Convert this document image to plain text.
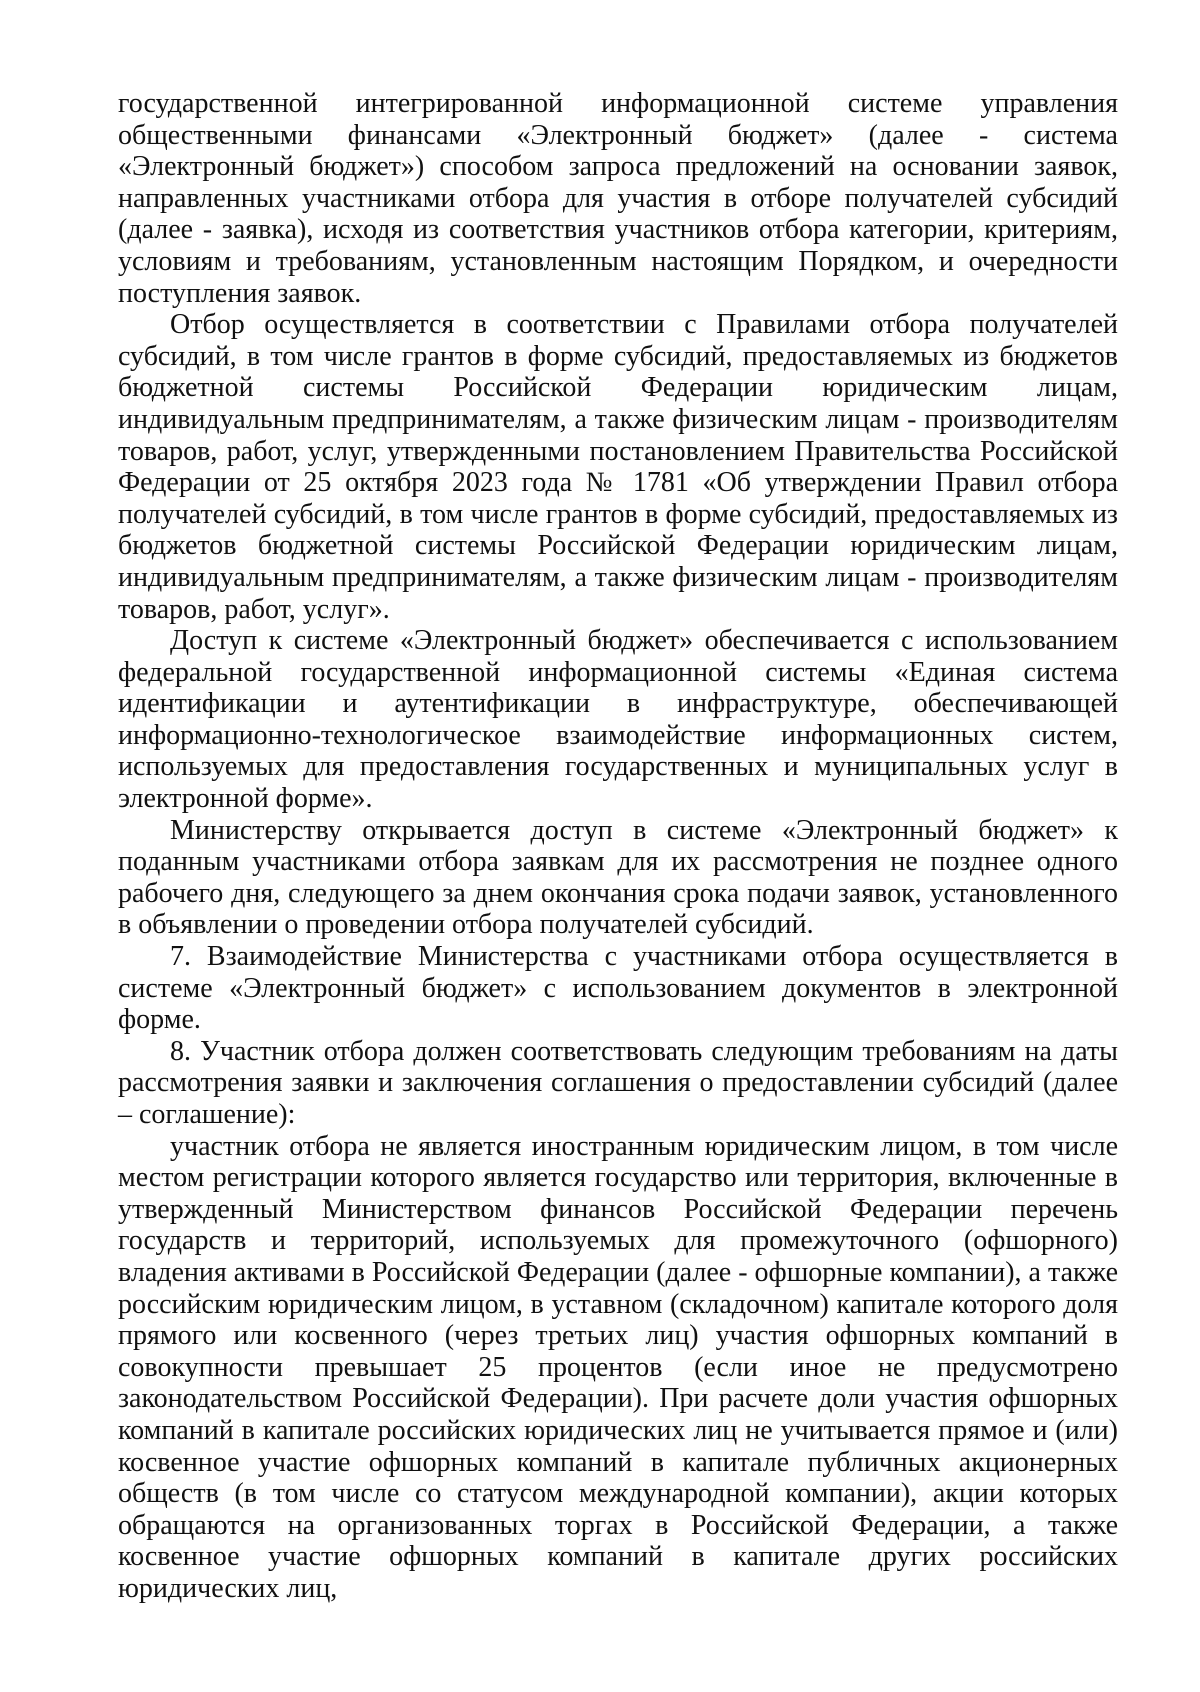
государственной интегрированной информационной системе управления общественными финансами «Электронный бюджет» (далее - система «Электронный бюджет») способом запроса предложений на основании заявок, направленных участниками отбора для участия в отборе получателей субсидий (далее - заявка), исходя из соответствия участников отбора категории, критериям, условиям и требованиям, установленным настоящим Порядком, и очередности поступления заявок.

Отбор осуществляется в соответствии с Правилами отбора получателей субсидий, в том числе грантов в форме субсидий, предоставляемых из бюджетов бюджетной системы Российской Федерации юридическим лицам, индивидуальным предпринимателям, а также физическим лицам - производителям товаров, работ, услуг, утвержденными постановлением Правительства Российской Федерации от 25 октября 2023 года № 1781 «Об утверждении Правил отбора получателей субсидий, в том числе грантов в форме субсидий, предоставляемых из бюджетов бюджетной системы Российской Федерации юридическим лицам, индивидуальным предпринимателям, а также физическим лицам - производителям товаров, работ, услуг».

Доступ к системе «Электронный бюджет» обеспечивается с использованием федеральной государственной информационной системы «Единая система идентификации и аутентификации в инфраструктуре, обеспечивающей информационно-технологическое взаимодействие информационных систем, используемых для предоставления государственных и муниципальных услуг в электронной форме».

Министерству открывается доступ в системе «Электронный бюджет» к поданным участниками отбора заявкам для их рассмотрения не позднее одного рабочего дня, следующего за днем окончания срока подачи заявок, установленного в объявлении о проведении отбора получателей субсидий.

7. Взаимодействие Министерства с участниками отбора осуществляется в системе «Электронный бюджет» с использованием документов в электронной форме.

8. Участник отбора должен соответствовать следующим требованиям на даты рассмотрения заявки и заключения соглашения о предоставлении субсидий (далее – соглашение):

участник отбора не является иностранным юридическим лицом, в том числе местом регистрации которого является государство или территория, включенные в утвержденный Министерством финансов Российской Федерации перечень государств и территорий, используемых для промежуточного (офшорного) владения активами в Российской Федерации (далее - офшорные компании), а также российским юридическим лицом, в уставном (складочном) капитале которого доля прямого или косвенного (через третьих лиц) участия офшорных компаний в совокупности превышает 25 процентов (если иное не предусмотрено законодательством Российской Федерации). При расчете доли участия офшорных компаний в капитале российских юридических лиц не учитывается прямое и (или) косвенное участие офшорных компаний в капитале публичных акционерных обществ (в том числе со статусом международной компании), акции которых обращаются на организованных торгах в Российской Федерации, а также косвенное участие офшорных компаний в капитале других российских юридических лиц,
